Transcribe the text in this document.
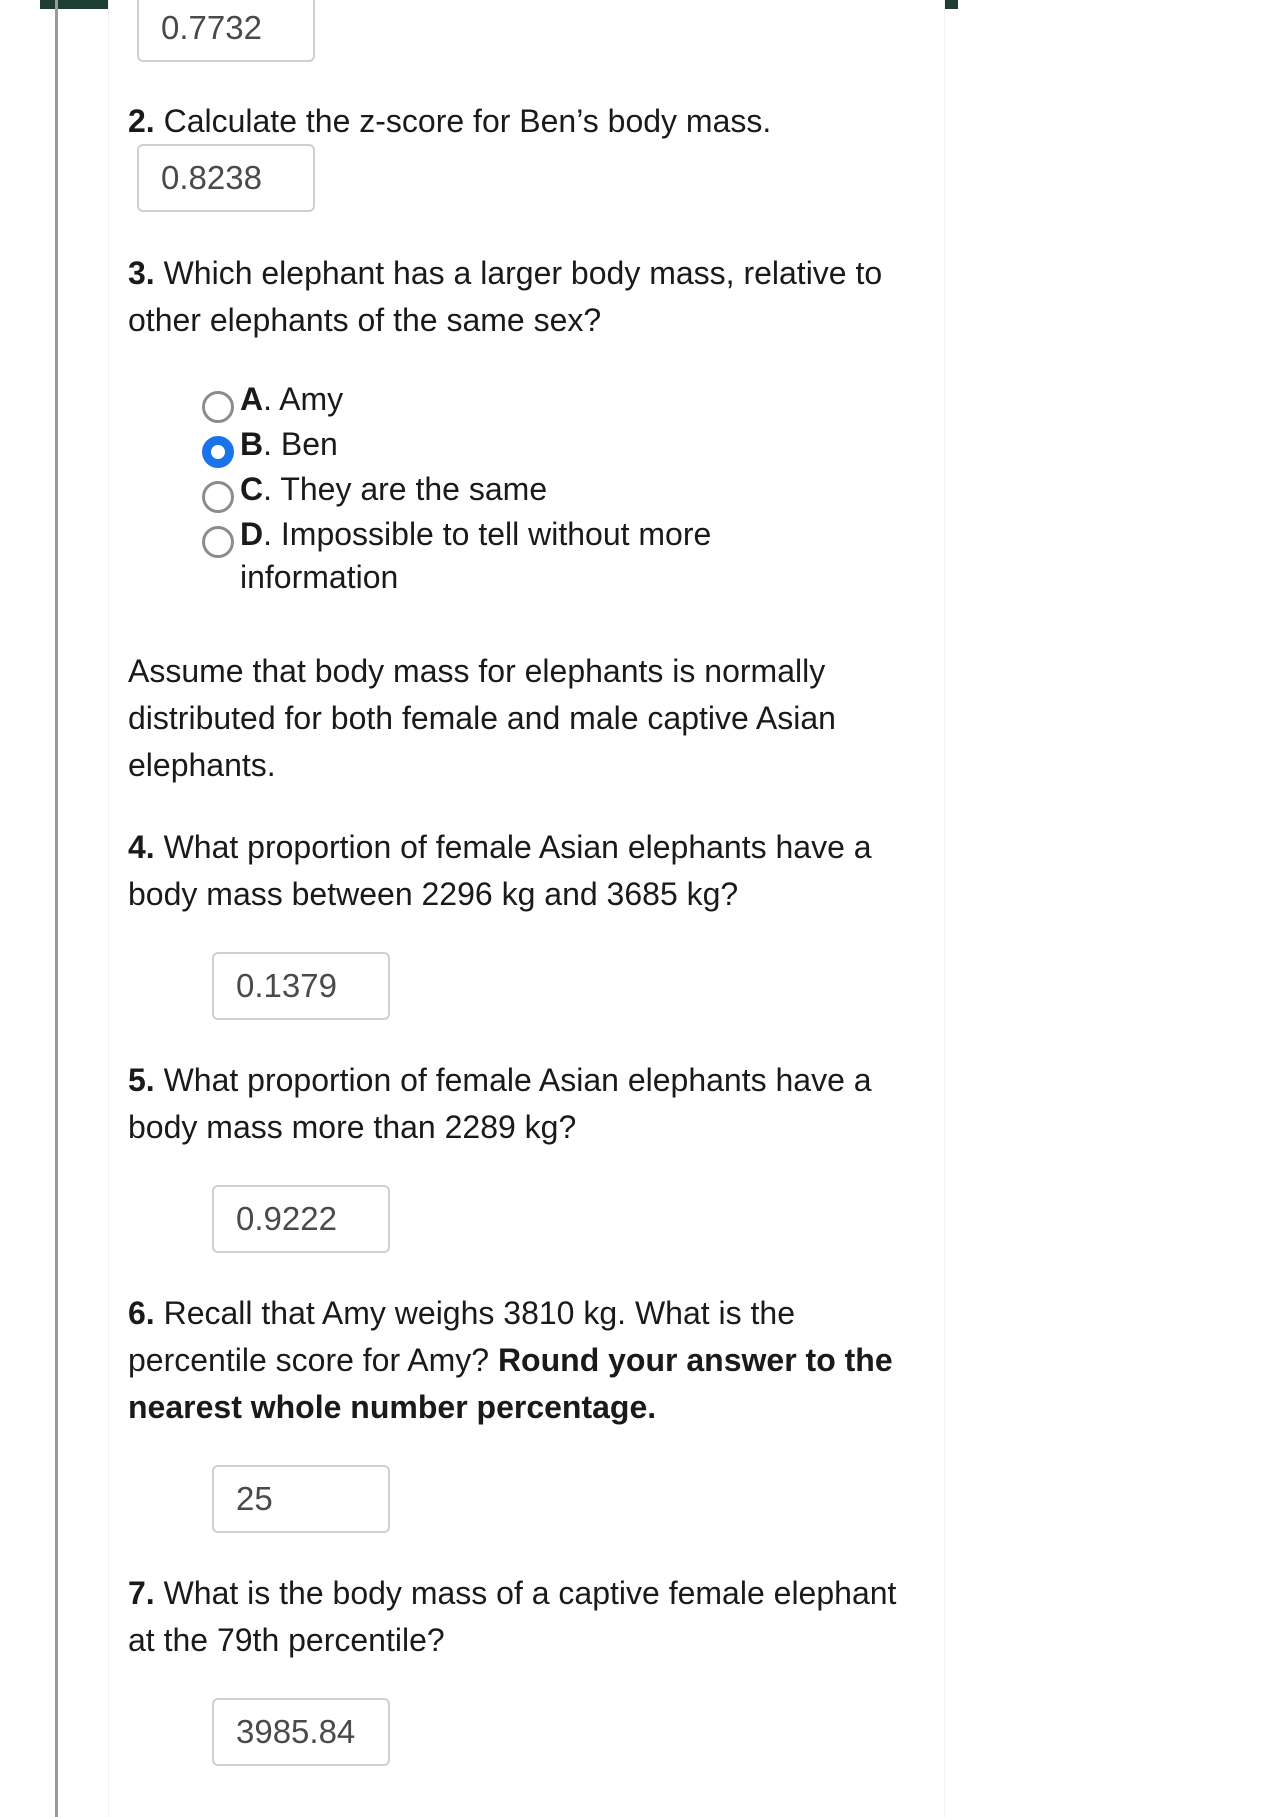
0.7732

2. Calculate the z-score for Ben’s body mass.

0.8238

3. Which elephant has a larger body mass, relative to other elephants of the same sex?

A. Amy
B. Ben
C. They are the same
D. Impossible to tell without more information

Assume that body mass for elephants is normally distributed for both female and male captive Asian elephants.

4. What proportion of female Asian elephants have a body mass between 2296 kg and 3685 kg?

0.1379

5. What proportion of female Asian elephants have a body mass more than 2289 kg?

0.9222

6. Recall that Amy weighs 3810 kg. What is the percentile score for Amy? Round your answer to the nearest whole number percentage.

25

7. What is the body mass of a captive female elephant at the 79th percentile?

3985.84
